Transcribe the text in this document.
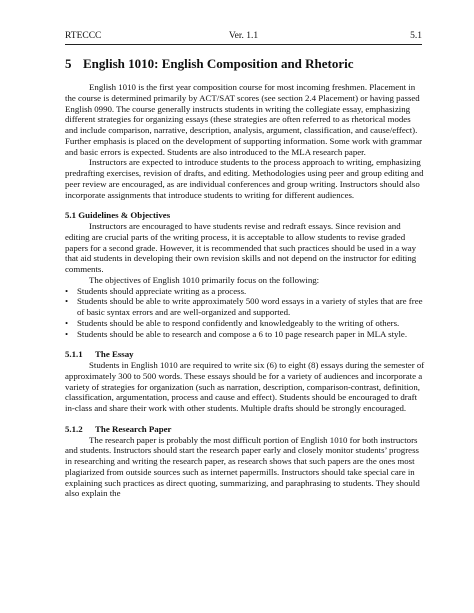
RTECCC	Ver. 1.1	5.1
5 English 1010: English Composition and Rhetoric

English 1010 is the first year composition course for most incoming freshmen. Placement in the course is determined primarily by ACT/SAT scores (see section 2.4 Placement) or having passed English 0990. The course generally instructs students in writing the collegiate essay, emphasizing different strategies for organizing essays (these strategies are often referred to as rhetorical modes and include comparison, narrative, description, analysis, argument, classification, and cause/effect). Further emphasis is placed on the development of supporting information. Some work with grammar and basic errors is expected. Students are also introduced to the MLA research paper.

Instructors are expected to introduce students to the process approach to writing, emphasizing predrafting exercises, revision of drafts, and editing. Methodologies using peer and group editing and peer review are encouraged, as are individual conferences and group writing. Instructors should also incorporate assignments that introduce students to writing for different audiences.

5.1 Guidelines & Objectives

Instructors are encouraged to have students revise and redraft essays. Since revision and editing are crucial parts of the writing process, it is acceptable to allow students to revise graded papers for a second grade. However, it is recommended that such practices should be used in a way that aid students in developing their own revision skills and not depend on the instructor for editing comments.

The objectives of English 1010 primarily focus on the following:

•	Students should appreciate writing as a process.
•	Students should be able to write approximately 500 word essays in a variety of styles that are free of basic syntax errors and are well-organized and supported.
•	Students should be able to respond confidently and knowledgeably to the writing of others.
•	Students should be able to research and compose a 6 to 10 page research paper in MLA style.

5.1.1 The Essay

Students in English 1010 are required to write six (6) to eight (8) essays during the semester of approximately 300 to 500 words. These essays should be for a variety of audiences and incorporate a variety of strategies for organization (such as narration, description, comparison-contrast, definition, classification, argumentation, process and cause and effect). Students should be encouraged to draft in-class and share their work with other students. Multiple drafts should be strongly encouraged.

5.1.2 The Research Paper

The research paper is probably the most difficult portion of English 1010 for both instructors and students. Instructors should start the research paper early and closely monitor students’ progress in researching and writing the research paper, as research shows that such papers are the ones most plagiarized from outside sources such as internet papermills. Instructors should take special care in explaining such practices as direct quoting, summarizing, and paraphrasing to students. They should also explain the
